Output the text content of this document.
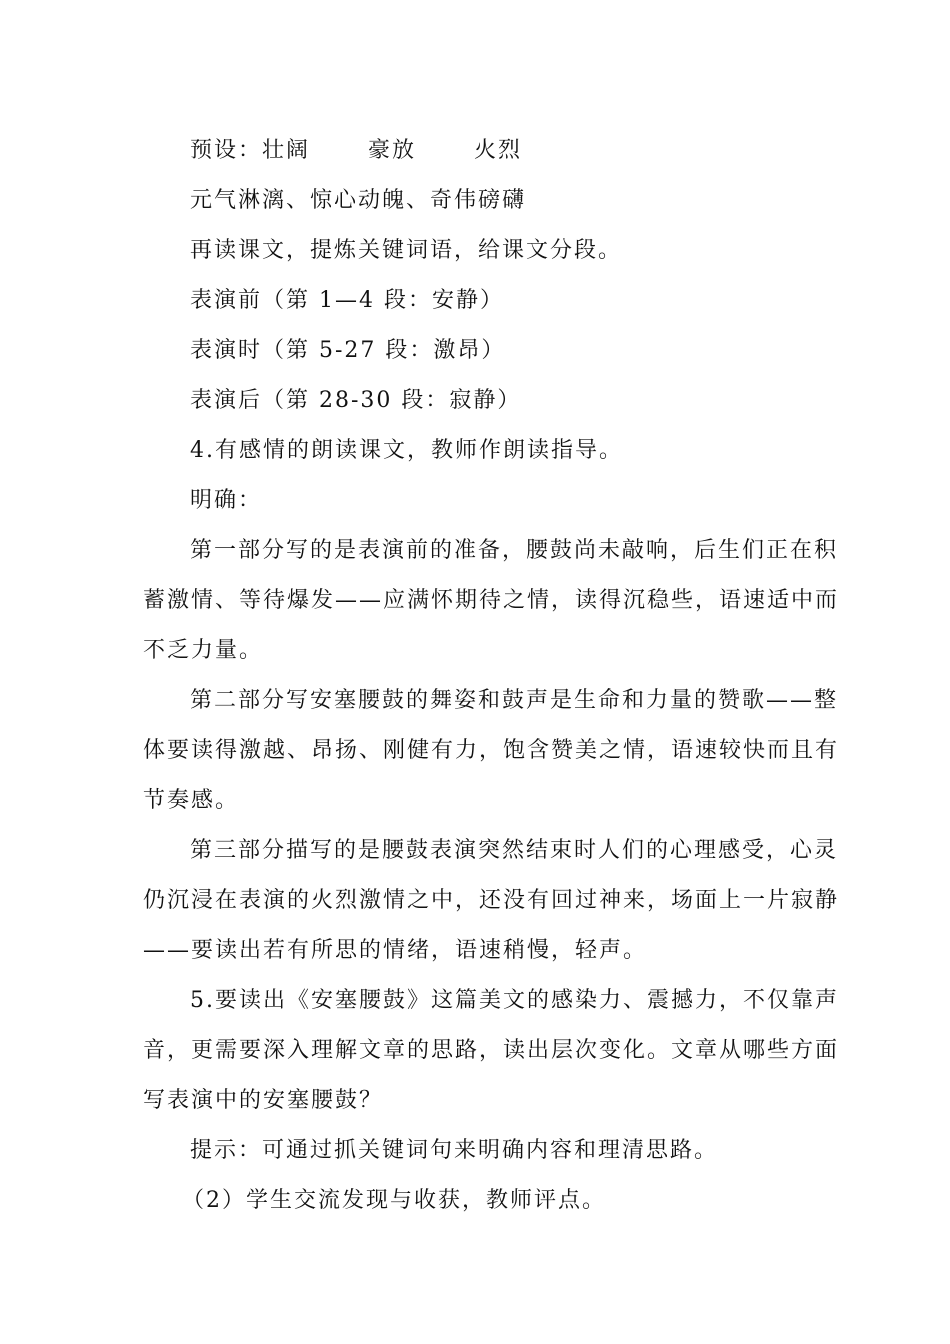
预设：壮阔	豪放	火烈
元气淋漓、惊心动魄、奇伟磅礴
再读课文，提炼关键词语，给课文分段。
表演前（第 1—4 段：安静）
表演时（第 5-27 段：激昂）
表演后（第 28-30 段：寂静）
4.有感情的朗读课文，教师作朗读指导。
明确：
第一部分写的是表演前的准备，腰鼓尚未敲响，后生们正在积
蓄激情、等待爆发——应满怀期待之情，读得沉稳些，语速适中而
不乏力量。
第二部分写安塞腰鼓的舞姿和鼓声是生命和力量的赞歌——整
体要读得激越、昂扬、刚健有力，饱含赞美之情，语速较快而且有
节奏感。
第三部分描写的是腰鼓表演突然结束时人们的心理感受，心灵
仍沉浸在表演的火烈激情之中，还没有回过神来，场面上一片寂静
——要读出若有所思的情绪，语速稍慢，轻声。
5.要读出《安塞腰鼓》这篇美文的感染力、震撼力，不仅靠声
音，更需要深入理解文章的思路，读出层次变化。文章从哪些方面
写表演中的安塞腰鼓？
提示：可通过抓关键词句来明确内容和理清思路。
（2）学生交流发现与收获，教师评点。
